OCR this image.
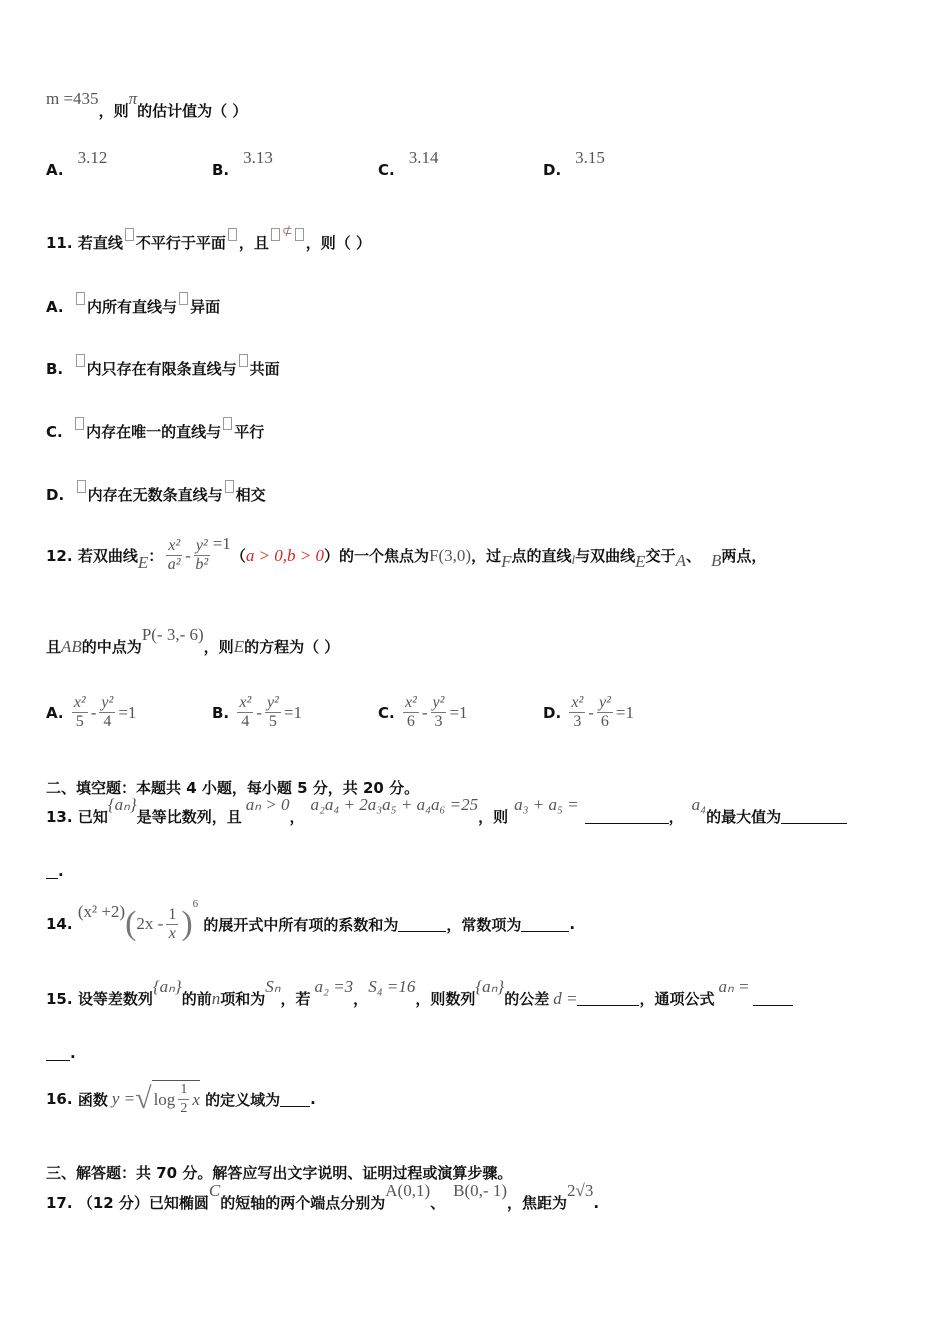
m =435
，则
π
的估计值为（ ）
A.
3.12
B.
3.13
C.
3.14
D.
3.15
11.
若直线 不平行于平面 ，且
⊄
，则（ ）
A.
内所有直线与 异面
B.
内只存在有限条直线与 共面
C.
内存在唯一的直线与 平行
D.
内存在无数条直线与 相交
12.
若双曲线 E ： $\frac{\text{x²}}{\text{a²}} - \frac{\text{y²}}{\text{b²}} =1$
（ a > 0,b > 0 ） 的一个焦点为 F(3,0) ，过 F 点的直线 l 与双曲线 E 交于 A 、 B 两点，
且 AB 的中点为
P(- 3,- 6)
，则 E 的方程为（ ）
A.
$\frac{\text{x²}}{5} - \frac{\text{y²}}{4} =1$	B.
$\frac{\text{x²}}{4} - \frac{\text{y²}}{5} =1$	C.
$\frac{\text{x²}}{6} - \frac{\text{y²}}{3} =1$	D.
$\frac{\text{x²}}{3} - \frac{\text{y²}}{6} =1$
二、填空题：本题共 4 小题，每小题 5 分，共 20 分。
13.
已知
{aₙ}
是等比数列，且
aₙ > 0
，
a₂a₄ + 2a₃a₅ + a₄a₆ =25
，则
a₃ + a₅ =
，
a₄
的最大值为
.
14.

(x² +2) ( $2x - \frac{1}{x}$ )
6

的展开式中所有项的系数和为	，常数项为	.
15.
设等差数列
{aₙ}
的前 n 项和为
Sₙ
，若
a₂ =3
，
S₄ =16
，则数列
{aₙ}
的公差 d =	，通项公式
aₙ =
.
16.
函数 y = √ $\log \frac{1}{2}$ x
的定义域为 .
三、解答题：共 70 分。解答应写出文字说明、证明过程或演算步骤。
17.
（12 分）已知椭圆
C
的短轴的两个端点分别为
A(0,1)
、
B(0,- 1)
，焦距为
2√3
.
